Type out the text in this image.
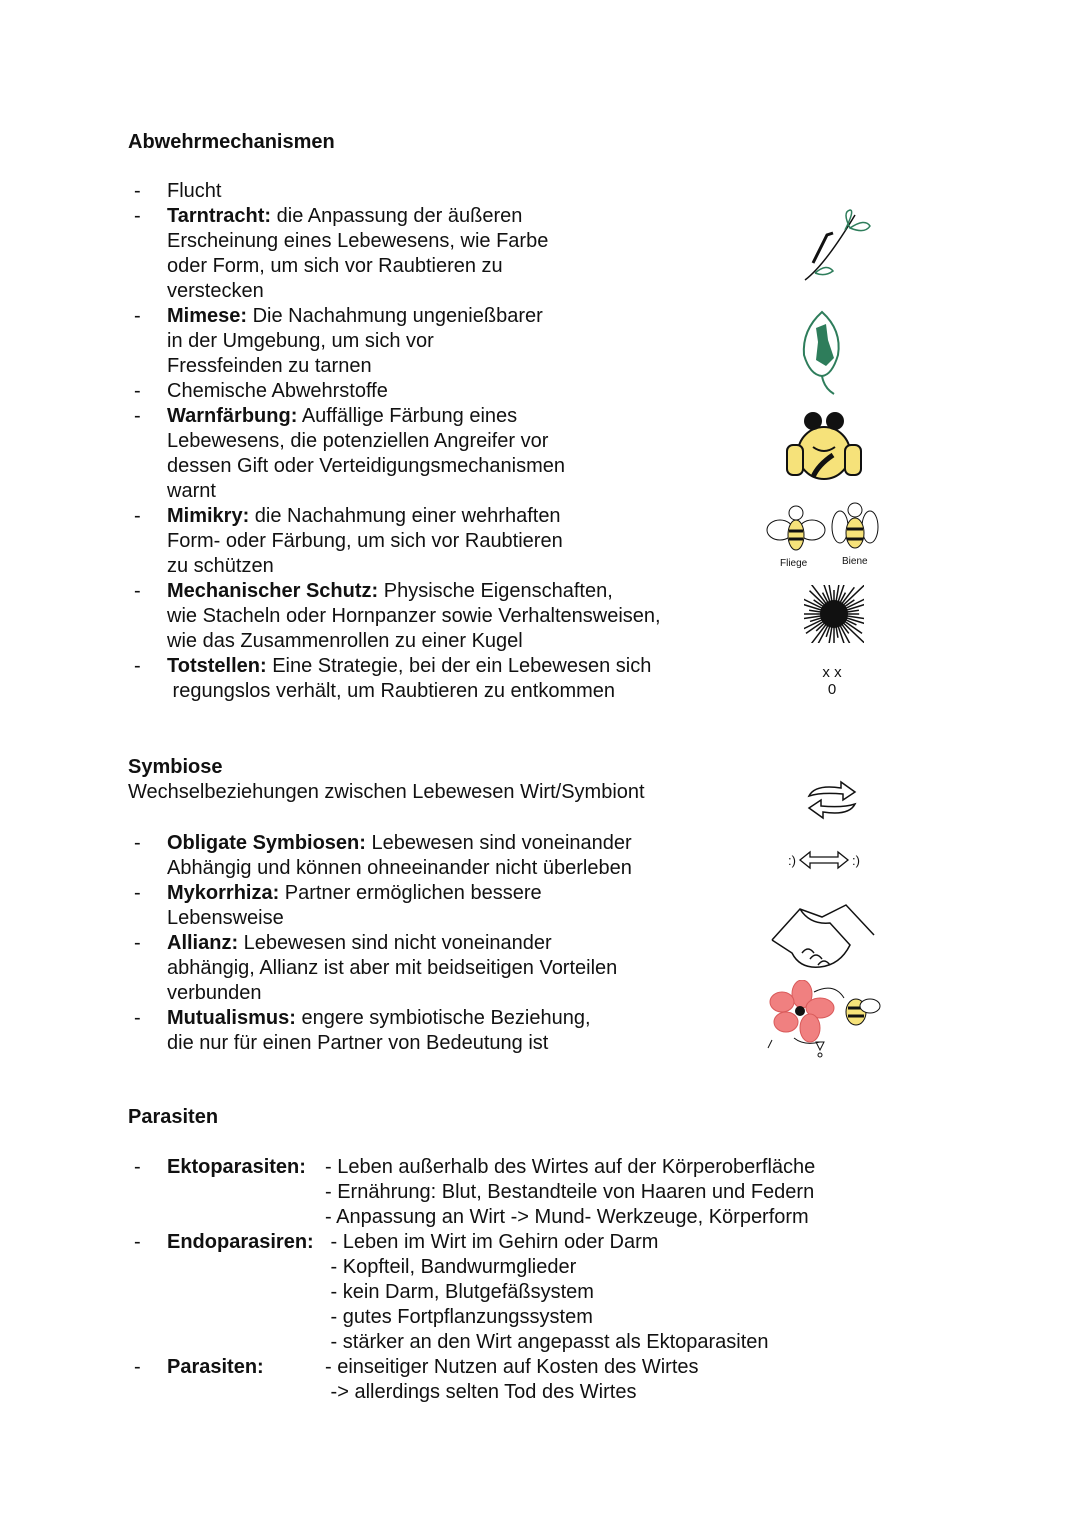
Abwehrmechanismen
- Flucht
- Tarntracht: die Anpassung der äußeren
Erscheinung eines Lebewesens, wie Farbe
oder Form, um sich vor Raubtieren zu
verstecken
- Mimese: Die Nachahmung ungenießbarer
in der Umgebung, um sich vor
Fressfeinden zu tarnen
- Chemische Abwehrstoffe
- Warnfärbung: Auffällige Färbung eines
Lebewesens, die potenziellen Angreifer vor
dessen Gift oder Verteidigungsmechanismen
warnt
- Mimikry: die Nachahmung einer wehrhaften
Form- oder Färbung, um sich vor Raubtieren
zu schützen
- Mechanischer Schutz: Physische Eigenschaften,
wie Stacheln oder Hornpanzer sowie Verhaltensweisen,
wie das Zusammenrollen zu einer Kugel
- Totstellen: Eine Strategie, bei der ein Lebewesen sich
regungslos verhält, um Raubtieren zu entkommen
Symbiose
Wechselbeziehungen zwischen Lebewesen Wirt/Symbiont
- Obligate Symbiosen: Lebewesen sind voneinander
Abhängig und können ohneeinander nicht überleben
- Mykorrhiza: Partner ermöglichen bessere
Lebensweise
- Allianz: Lebewesen sind nicht voneinander
abhängig, Allianz ist aber mit beidseitigen Vorteilen
verbunden
- Mutualismus: engere symbiotische Beziehung,
die nur für einen Partner von Bedeutung ist
Parasiten
- Ektoparasiten: - Leben außerhalb des Wirtes auf der Körperoberfläche
- Ernährung: Blut, Bestandteile von Haaren und Federn
- Anpassung an Wirt -> Mund- Werkzeuge, Körperform
- Endoparasiren: - Leben im Wirt im Gehirn oder Darm
- Kopfteil, Bandwurmglieder
- kein Darm, Blutgefäßsystem
- gutes Fortpflanzungssystem
- stärker an den Wirt angepasst als Ektoparasiten
- Parasiten:	- einseitiger Nutzen auf Kosten des Wirtes
-> allerdings selten Tod des Wirtes
Fliege	Biene
x x
0
:)	:)
